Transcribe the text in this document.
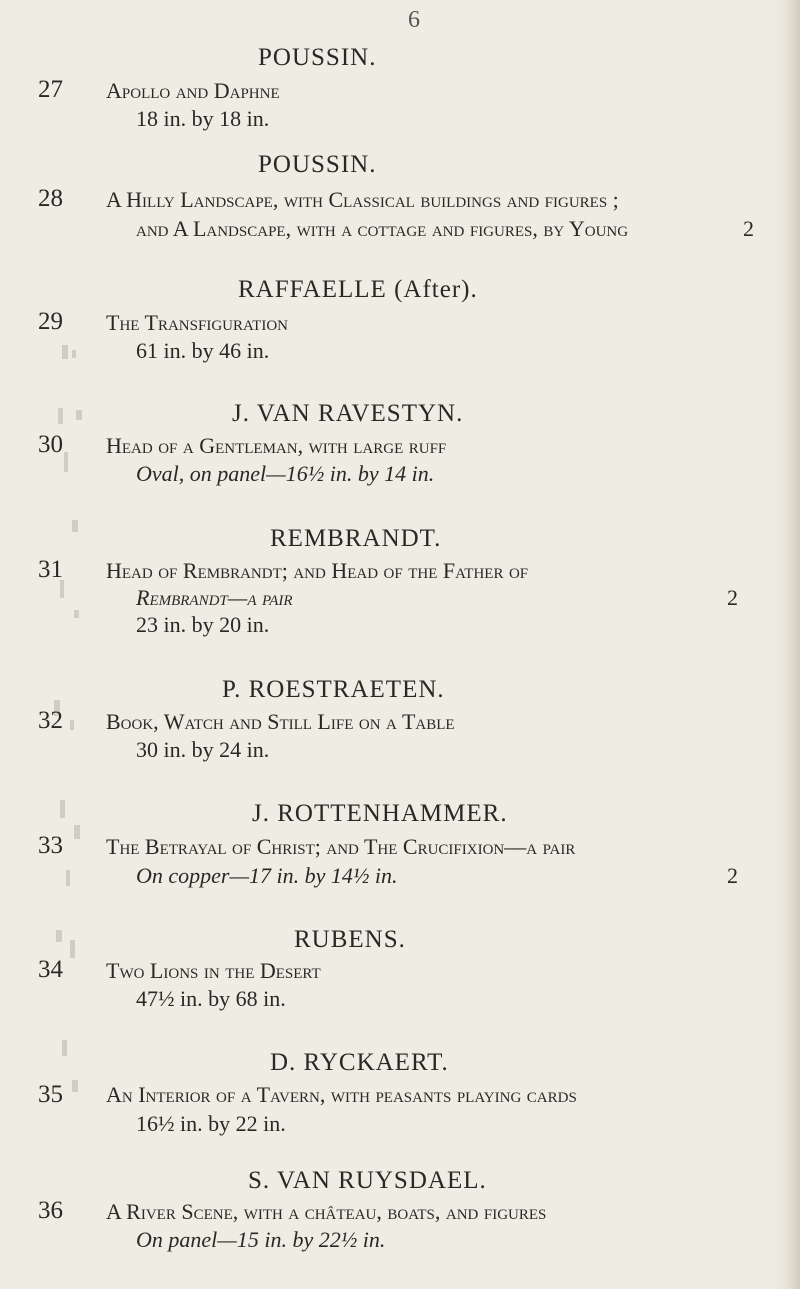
6
POUSSIN.
27 Apollo and Daphne
18 in. by 18 in.
POUSSIN.
28 A Hilly Landscape, with Classical buildings and figures ;
and A Landscape, with a cottage and figures, by Young	2
RAFFAELLE (After).
29 The Transfiguration
61 in. by 46 in.
J. VAN RAVESTYN.
30 Head of a Gentleman, with large ruff
Oval, on panel—16½ in. by 14 in.
REMBRANDT.
31 Head of Rembrandt; and Head of the Father of
Rembrandt—a pair	2
23 in. by 20 in.
P. ROESTRAETEN.
32 Book, Watch and Still Life on a Table
30 in. by 24 in.
J. ROTTENHAMMER.
33 The Betrayal of Christ; and The Crucifixion—a pair
On copper—17 in. by 14½ in.	2
RUBENS.
34 Two Lions in the Desert
47½ in. by 68 in.
D. RYCKAERT.
35 An Interior of a Tavern, with peasants playing cards
16½ in. by 22 in.
S. VAN RUYSDAEL.
36 A River Scene, with a château, boats, and figures
On panel—15 in. by 22½ in.
